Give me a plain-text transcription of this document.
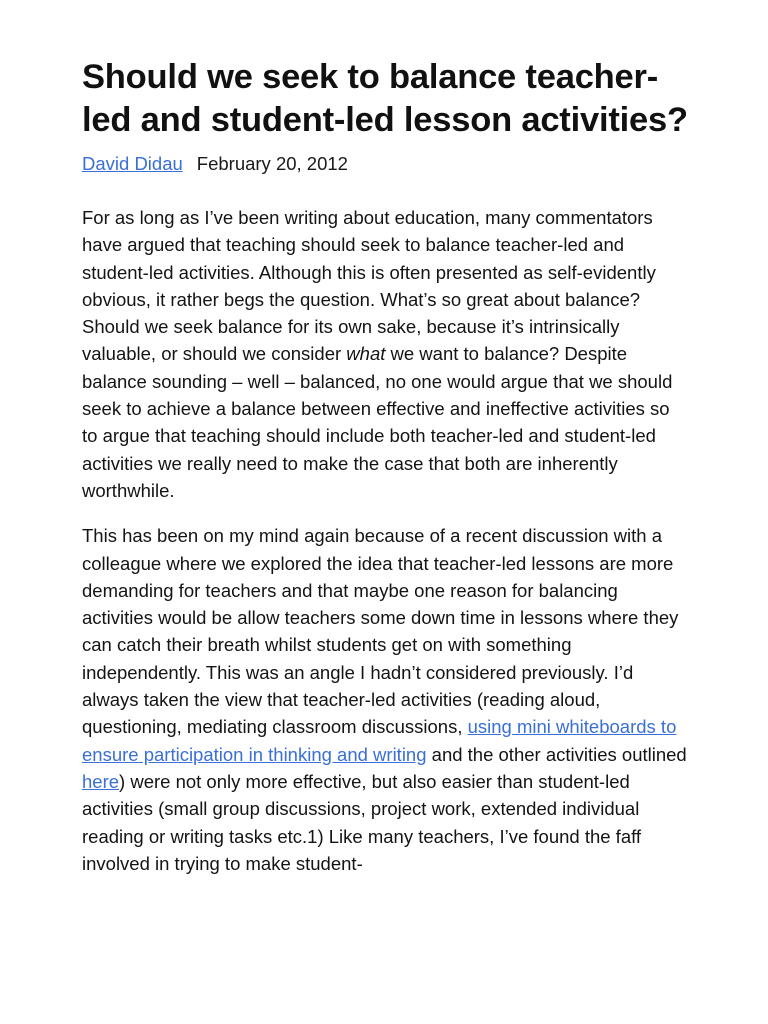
Should we seek to balance teacher-led and student-led lesson activities?
David Didau February 20, 2012

For as long as I’ve been writing about education, many commentators have argued that teaching should seek to balance teacher-led and student-led activities. Although this is often presented as self-evidently obvious, it rather begs the question. What’s so great about balance? Should we seek balance for its own sake, because it’s intrinsically valuable, or should we consider what we want to balance? Despite balance sounding – well – balanced, no one would argue that we should seek to achieve a balance between effective and ineffective activities so to argue that teaching should include both teacher-led and student-led activities we really need to make the case that both are inherently worthwhile.

This has been on my mind again because of a recent discussion with a colleague where we explored the idea that teacher-led lessons are more demanding for teachers and that maybe one reason for balancing activities would be allow teachers some down time in lessons where they can catch their breath whilst students get on with something independently. This was an angle I hadn’t considered previously. I’d always taken the view that teacher-led activities (reading aloud, questioning, mediating classroom discussions, using mini whiteboards to ensure participation in thinking and writing and the other activities outlined here) were not only more effective, but also easier than student-led activities (small group discussions, project work, extended individual reading or writing tasks etc.1) Like many teachers, I’ve found the faff involved in trying to make student-
